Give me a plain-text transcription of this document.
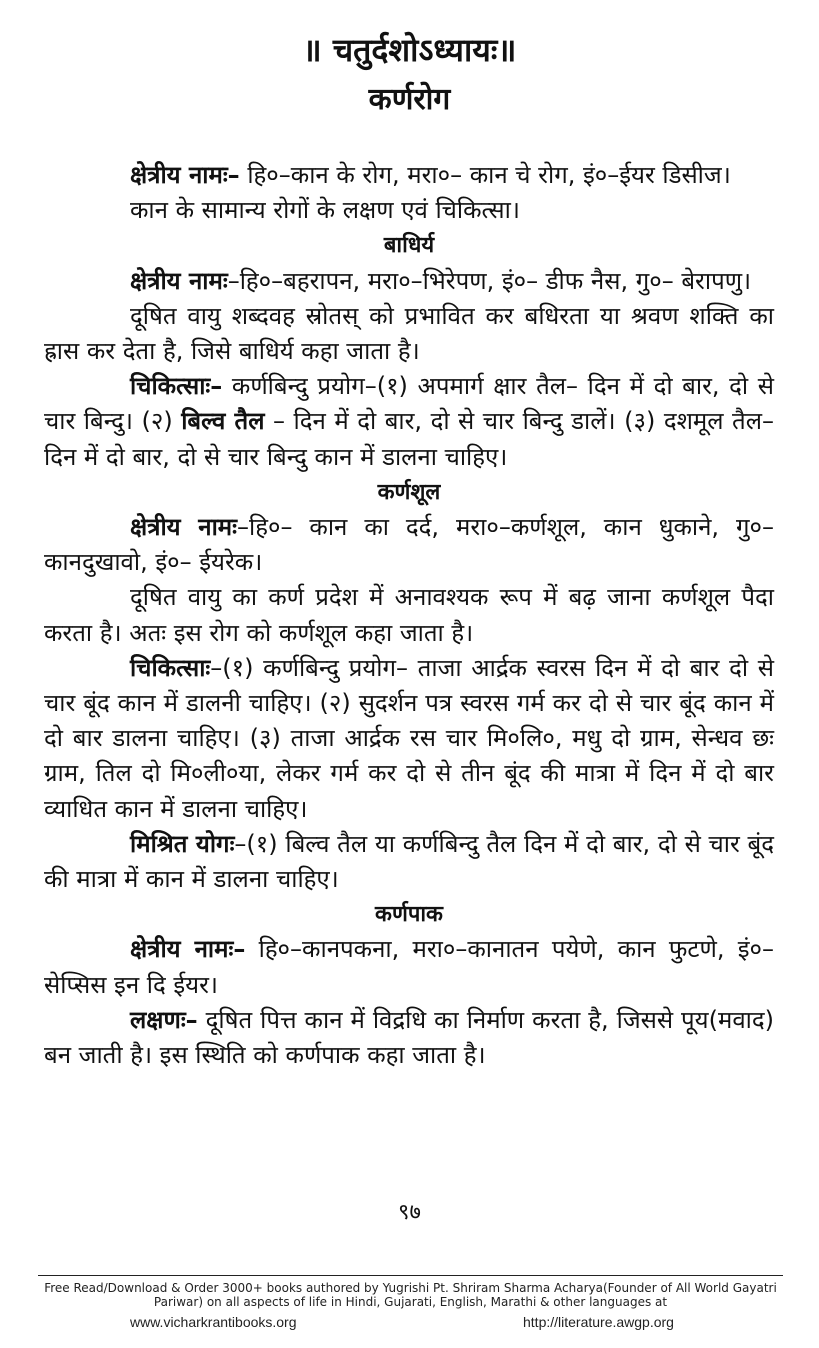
॥ चतुर्दशोऽध्यायः॥
कर्णरोग

क्षेत्रीय नामः– हि०–कान के रोग, मरा०– कान चे रोग, इं०–ईयर डिसीज।

कान के सामान्य रोगों के लक्षण एवं चिकित्सा।

बाधिर्य

क्षेत्रीय नामः–हि०–बहरापन, मरा०–भिरेपण, इं०– डीफ नैस, गु०– बेरापणु।

दूषित वायु शब्दवह स्रोतस् को प्रभावित कर बधिरता या श्रवण शक्ति का ह्रास कर देता है, जिसे बाधिर्य कहा जाता है।

चिकित्साः– कर्णबिन्दु प्रयोग–(१) अपमार्ग क्षार तैल– दिन में दो बार, दो से चार बिन्दु। (२) बिल्व तैल – दिन में दो बार, दो से चार बिन्दु डालें। (३) दशमूल तैल– दिन में दो बार, दो से चार बिन्दु कान में डालना चाहिए।

कर्णशूल

क्षेत्रीय नामः–हि०– कान का दर्द, मरा०–कर्णशूल, कान धुकाने, गु०– कानदुखावो, इं०– ईयरेक।

दूषित वायु का कर्ण प्रदेश में अनावश्यक रूप में बढ़ जाना कर्णशूल पैदा करता है। अतः इस रोग को कर्णशूल कहा जाता है।

चिकित्साः–(१) कर्णबिन्दु प्रयोग– ताजा आर्द्रक स्वरस दिन में दो बार दो से चार बूंद कान में डालनी चाहिए। (२) सुदर्शन पत्र स्वरस गर्म कर दो से चार बूंद कान में दो बार डालना चाहिए। (३) ताजा आर्द्रक रस चार मि०लि०, मधु दो ग्राम, सेन्धव छः ग्राम, तिल दो मि०ली०या, लेकर गर्म कर दो से तीन बूंद की मात्रा में दिन में दो बार व्याधित कान में डालना चाहिए।

मिश्रित योगः–(१) बिल्व तैल या कर्णबिन्दु तैल दिन में दो बार, दो से चार बूंद की मात्रा में कान में डालना चाहिए।

कर्णपाक

क्षेत्रीय नामः– हि०–कानपकना, मरा०–कानातन पयेणे, कान फुटणे, इं०– सेप्सिस इन दि ईयर।

लक्षणः– दूषित पित्त कान में विद्रधि का निर्माण करता है, जिससे पूय(मवाद) बन जाती है। इस स्थिति को कर्णपाक कहा जाता है।

९७
Free Read/Download & Order 3000+ books authored by Yugrishi Pt. Shriram Sharma Acharya(Founder of All World Gayatri Pariwar) on all aspects of life in Hindi, Gujarati, English, Marathi & other languages at
www.vicharkrantibooks.org	http://literature.awgp.org
